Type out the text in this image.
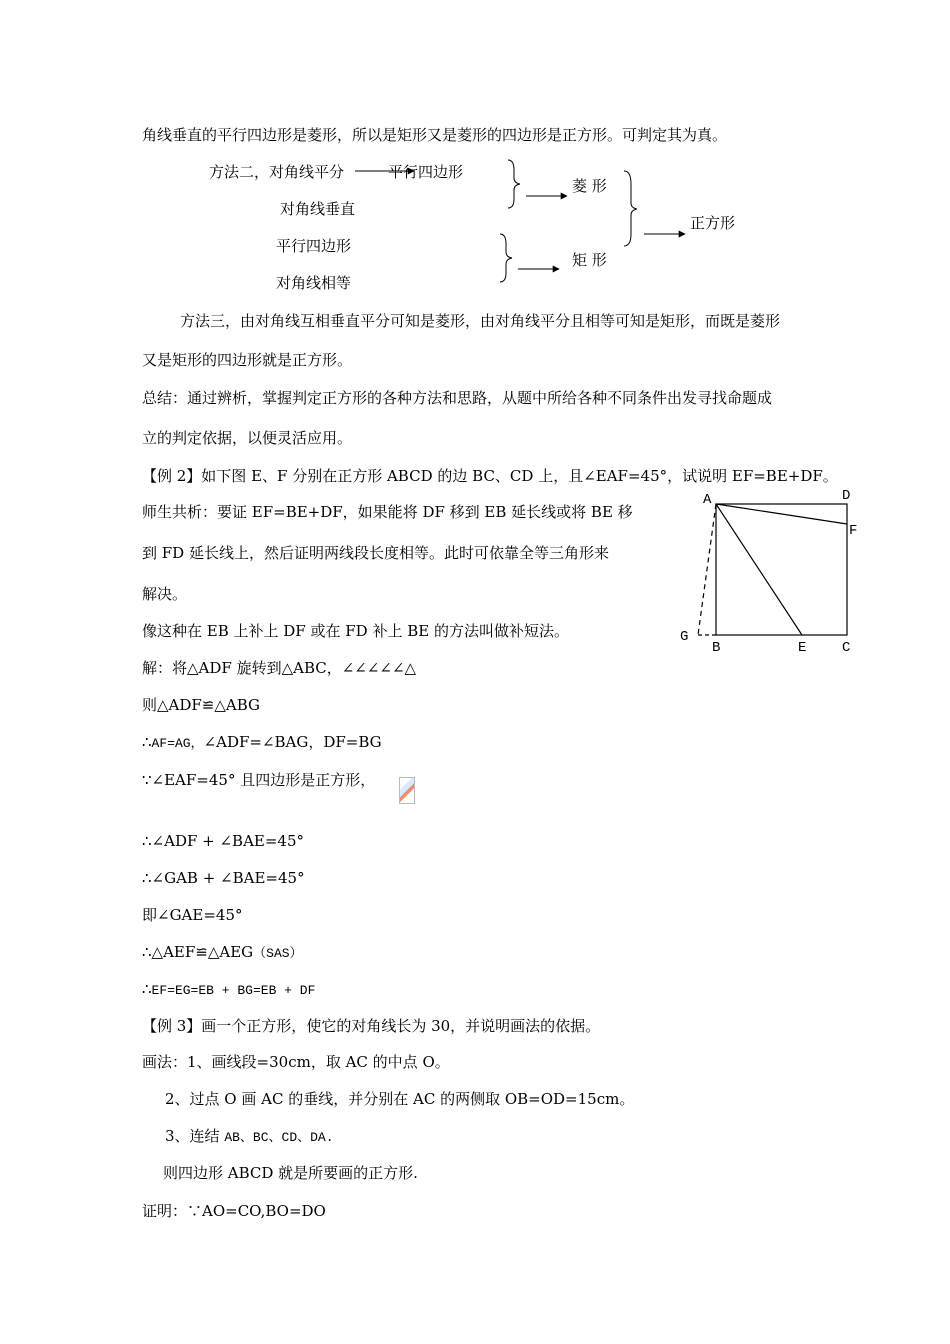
角线垂直的平行四边形是菱形，所以是矩形又是菱形的四边形是正方形。可判定其为真。
方法二，对角线平分	平行四边形
对角线垂直
平行四边形
对角线相等
菱 形
矩 形
正方形
方法三，由对角线互相垂直平分可知是菱形，由对角线平分且相等可知是矩形，而既是菱形
又是矩形的四边形就是正方形。
总结：通过辨析，掌握判定正方形的各种方法和思路，从题中所给各种不同条件出发寻找命题成
立的判定依据，以便灵活应用。
【例 2】如下图 E、F 分别在正方形 ABCD 的边 BC、CD 上，且∠EAF=45°，试说明 EF=BE+DF。
师生共析：要证 EF=BE+DF，如果能将 DF 移到 EB 延长线或将 BE 移
到 FD 延长线上，然后证明两线段长度相等。此时可依靠全等三角形来
解决。
像这种在 EB 上补上 DF 或在 FD 补上 BE 的方法叫做补短法。
A	D
F
G
B	E	C
解：将△ADF 旋转到△ABC，∠∠∠∠∠△
则△ADF≌△ABG
∴AF=AG，∠ADF=∠BAG，DF=BG
∵∠EAF=45° 且四边形是正方形，
∴∠ADF + ∠BAE=45°
∴∠GAB + ∠BAE=45°
即∠GAE=45°
∴△AEF≌△AEG（SAS）
∴EF=EG=EB + BG=EB + DF
【例 3】画一个正方形，使它的对角线长为 30，并说明画法的依据。
画法：1、画线段=30cm，取 AC 的中点 O。
2、过点 O 画 AC 的垂线，并分别在 AC 的两侧取 OB=OD=15cm。
3、连结 AB、BC、CD、DA.
则四边形 ABCD 就是所要画的正方形.
证明：∵AO=CO,BO=DO
